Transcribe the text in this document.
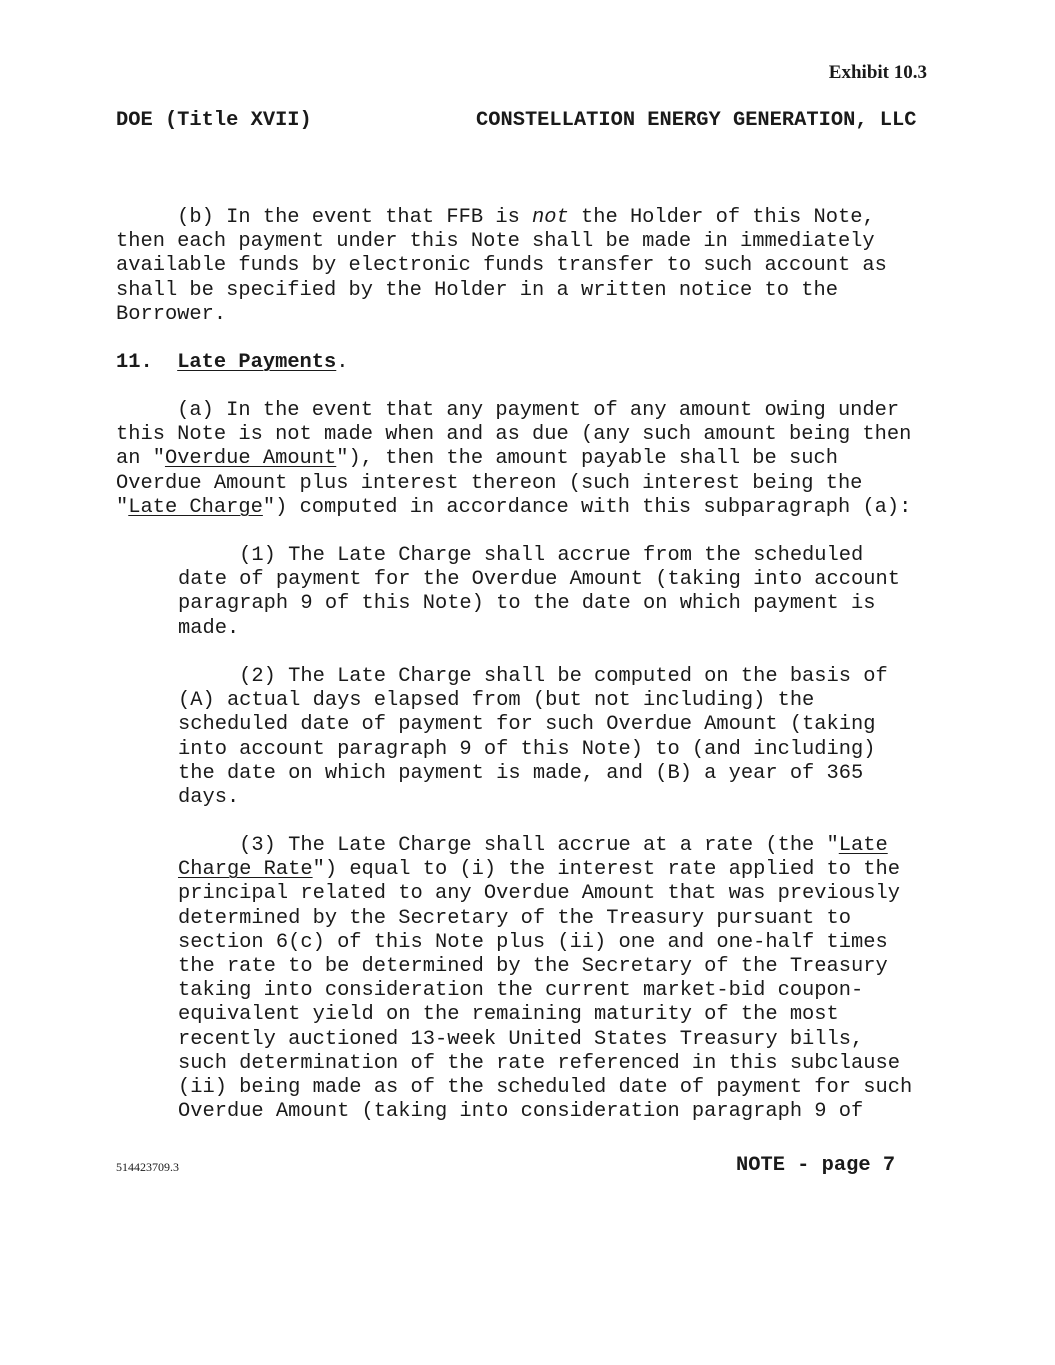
Exhibit 10.3
DOE (Title XVII)	CONSTELLATION ENERGY GENERATION, LLC

(b) In the event that FFB is not the Holder of this Note,
then each payment under this Note shall be made in immediately
available funds by electronic funds transfer to such account as
shall be specified by the Holder in a written notice to the
Borrower.

11.  Late Payments.

(a) In the event that any payment of any amount owing under
this Note is not made when and as due (any such amount being then
an "Overdue Amount"), then the amount payable shall be such
Overdue Amount plus interest thereon (such interest being the
"Late Charge") computed in accordance with this subparagraph (a):

(1) The Late Charge shall accrue from the scheduled
date of payment for the Overdue Amount (taking into account
paragraph 9 of this Note) to the date on which payment is
made.

(2) The Late Charge shall be computed on the basis of
(A) actual days elapsed from (but not including) the
scheduled date of payment for such Overdue Amount (taking
into account paragraph 9 of this Note) to (and including)
the date on which payment is made, and (B) a year of 365
days.

(3) The Late Charge shall accrue at a rate (the "Late
Charge Rate") equal to (i) the interest rate applied to the
principal related to any Overdue Amount that was previously
determined by the Secretary of the Treasury pursuant to
section 6(c) of this Note plus (ii) one and one-half times
the rate to be determined by the Secretary of the Treasury
taking into consideration the current market-bid coupon-
equivalent yield on the remaining maturity of the most
recently auctioned 13-week United States Treasury bills,
such determination of the rate referenced in this subclause
(ii) being made as of the scheduled date of payment for such
Overdue Amount (taking into consideration paragraph 9 of

514423709.3	NOTE - page 7
